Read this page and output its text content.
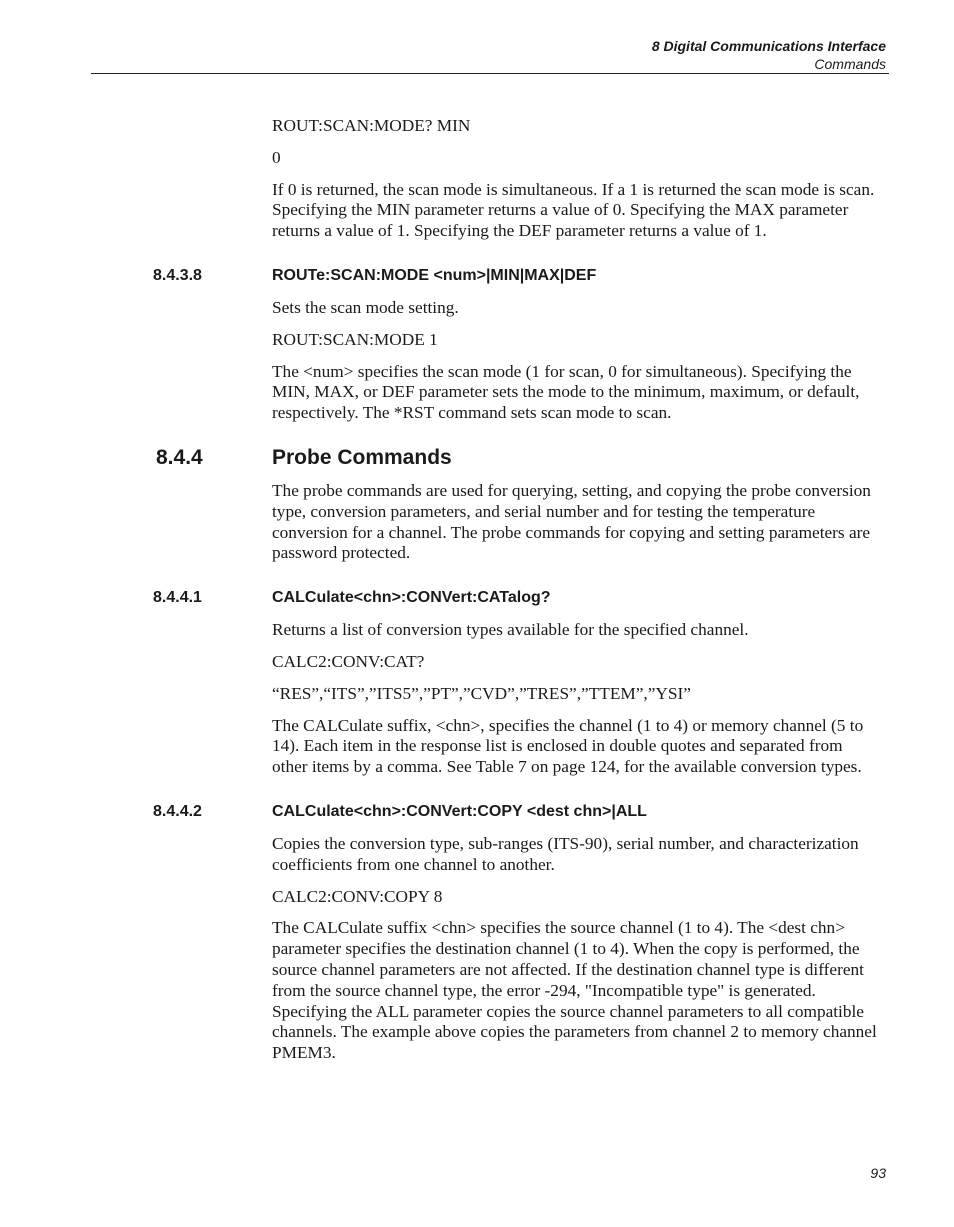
8 Digital Communications Interface
Commands

ROUT:SCAN:MODE? MIN

0

If 0 is returned, the scan mode is simultaneous. If a 1 is returned the scan mode is scan. Specifying the MIN parameter returns a value of 0. Specifying the MAX parameter returns a value of 1. Specifying the DEF parameter returns a value of 1.

8.4.3.8	ROUTe:SCAN:MODE <num>|MIN|MAX|DEF

Sets the scan mode setting.

ROUT:SCAN:MODE 1

The <num> specifies the scan mode (1 for scan, 0 for simultaneous). Specifying the MIN, MAX, or DEF parameter sets the mode to the minimum, maximum, or default, respectively. The *RST command sets scan mode to scan.

8.4.4	Probe Commands

The probe commands are used for querying, setting, and copying the probe conversion type, conversion parameters, and serial number and for testing the temperature conversion for a channel. The probe commands for copying and setting parameters are password protected.

8.4.4.1	CALCulate<chn>:CONVert:CATalog?

Returns a list of conversion types available for the specified channel.

CALC2:CONV:CAT?

“RES”,“ITS”,”ITS5”,”PT”,”CVD”,”TRES”,”TTEM”,”YSI”

The CALCulate suffix, <chn>, specifies the channel (1 to 4) or memory channel (5 to 14). Each item in the response list is enclosed in double quotes and separated from other items by a comma. See Table 7 on page 124, for the available conversion types.

8.4.4.2	CALCulate<chn>:CONVert:COPY <dest chn>|ALL

Copies the conversion type, sub-ranges (ITS-90), serial number, and characterization coefficients from one channel to another.

CALC2:CONV:COPY 8

The CALCulate suffix <chn> specifies the source channel (1 to 4). The <dest chn> parameter specifies the destination channel (1 to 4). When the copy is performed, the source channel parameters are not affected. If the destination channel type is different from the source channel type, the error -294, "Incompatible type" is generated. Specifying the ALL parameter copies the source channel parameters to all compatible channels. The example above copies the parameters from channel 2 to memory channel PMEM3.

93
